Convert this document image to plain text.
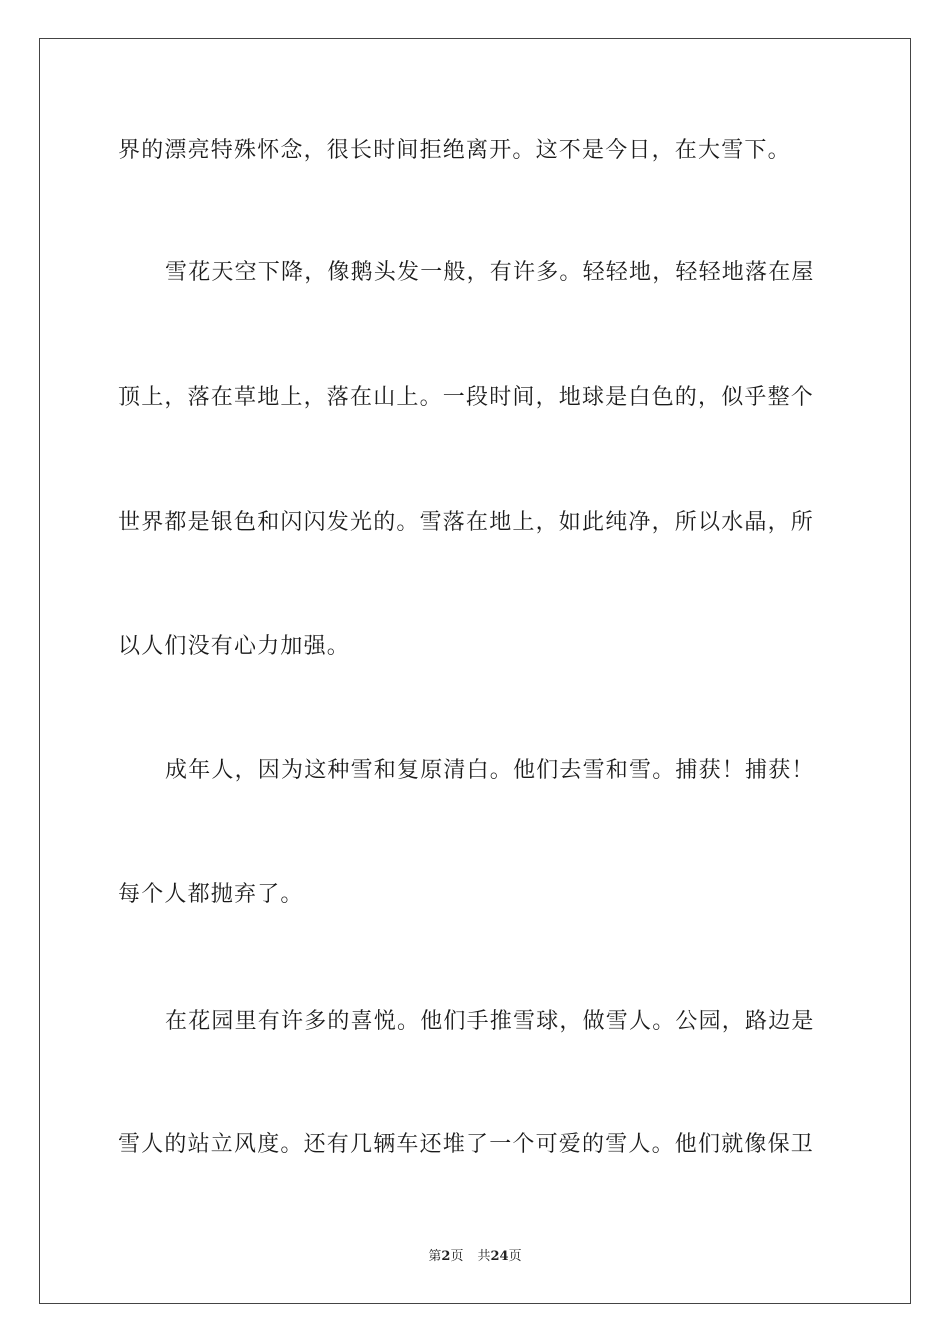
界的漂亮特殊怀念，很长时间拒绝离开。这不是今日，在大雪下。
雪花天空下降，像鹅头发一般，有许多。轻轻地，轻轻地落在屋
顶上，落在草地上，落在山上。一段时间，地球是白色的，似乎整个
世界都是银色和闪闪发光的。雪落在地上，如此纯净，所以水晶，所
以人们没有心力加强。
成年人，因为这种雪和复原清白。他们去雪和雪。捕获！捕获！
每个人都抛弃了。
在花园里有许多的喜悦。他们手推雪球，做雪人。公园，路边是
雪人的站立风度。还有几辆车还堆了一个可爱的雪人。他们就像保卫
第2页 共24页
